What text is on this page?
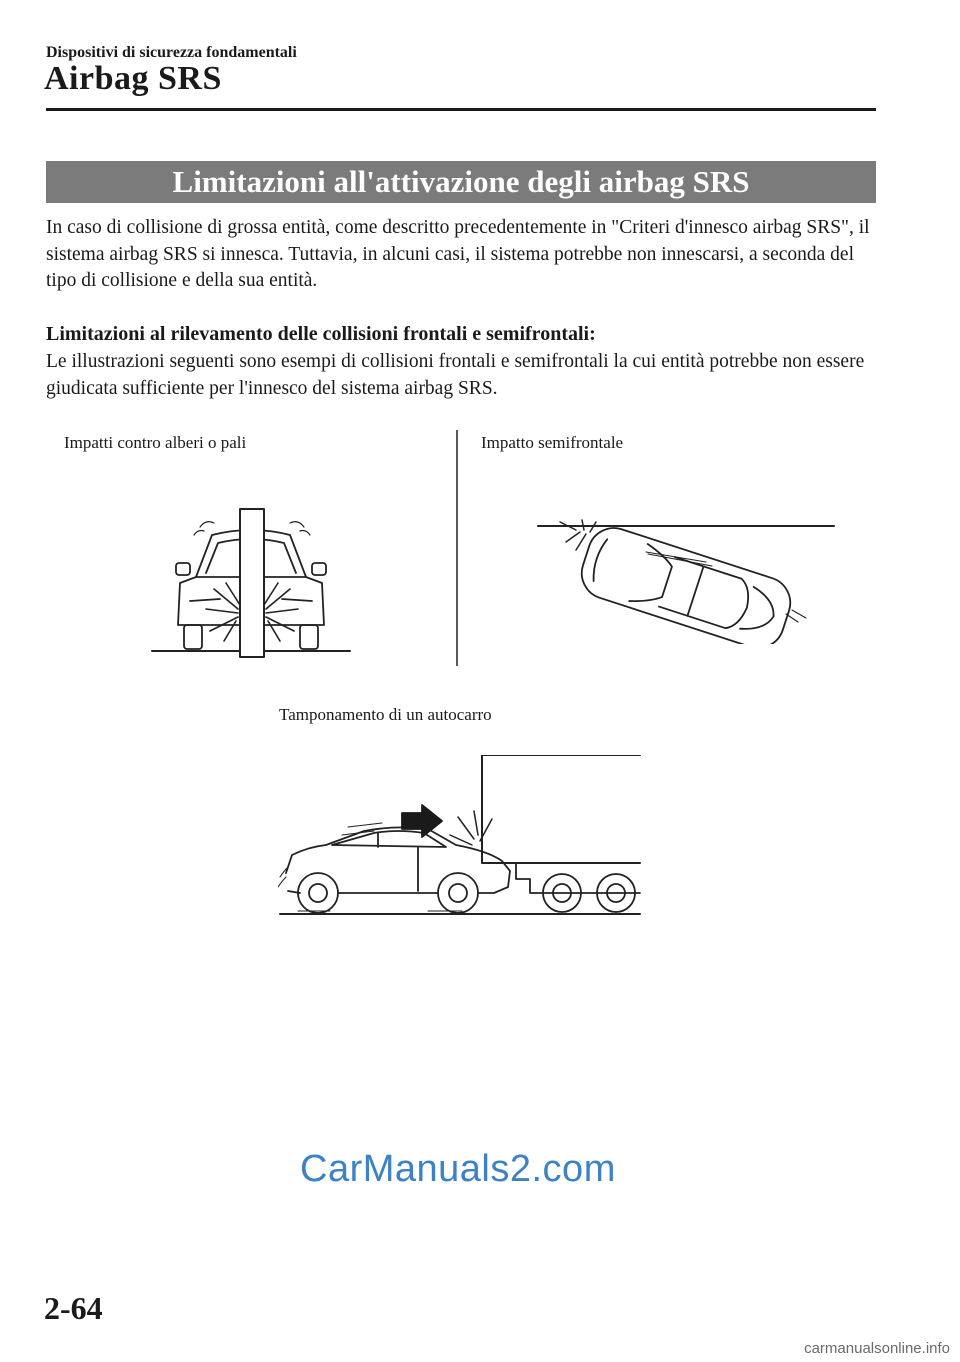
Dispositivi di sicurezza fondamentali
Airbag SRS
Limitazioni all'attivazione degli airbag SRS

In caso di collisione di grossa entità, come descritto precedentemente in "Criteri d'innesco airbag SRS", il sistema airbag SRS si innesca. Tuttavia, in alcuni casi, il sistema potrebbe non innescarsi, a seconda del tipo di collisione e della sua entità.

Limitazioni al rilevamento delle collisioni frontali e semifrontali:

Le illustrazioni seguenti sono esempi di collisioni frontali e semifrontali la cui entità potrebbe non essere giudicata sufficiente per l'innesco del sistema airbag SRS.

Impatti contro alberi o pali	Impatto semifrontale
Tamponamento di un autocarro
CarManuals2.com
2-64
carmanualsonline.info
